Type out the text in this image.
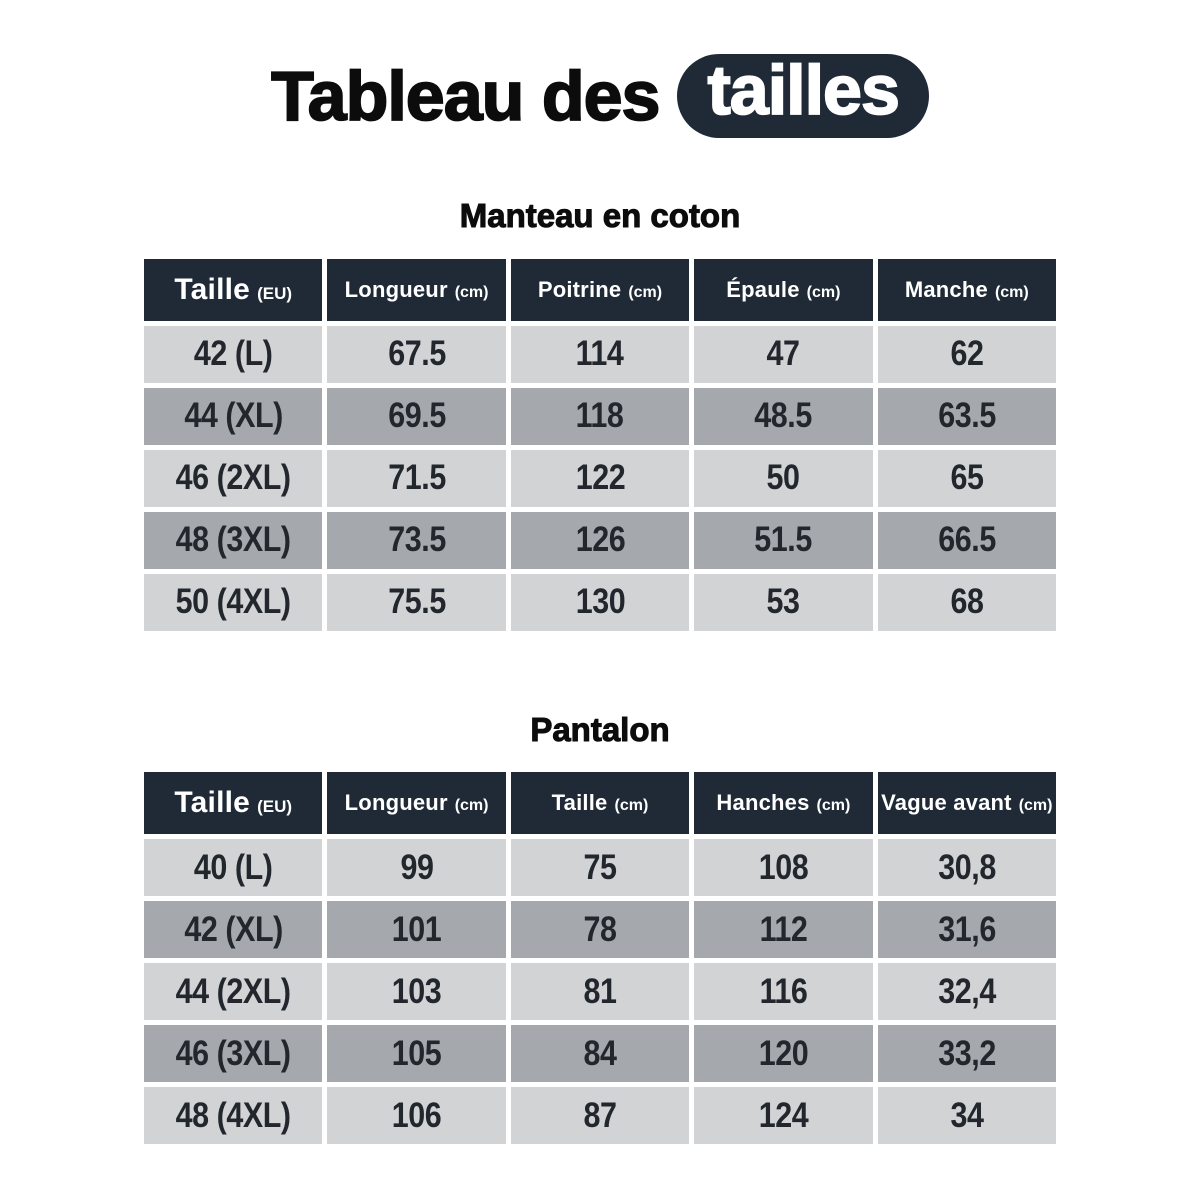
Tableau des tailles
Manteau en coton
Taille (EU)	Longueur (cm)	Poitrine (cm)	Épaule (cm)	Manche (cm)
42 (L)	67.5	114	47	62
44 (XL)	69.5	118	48.5	63.5
46 (2XL)	71.5	122	50	65
48 (3XL)	73.5	126	51.5	66.5
50 (4XL)	75.5	130	53	68
Pantalon
Taille (EU)	Longueur (cm)	Taille (cm)	Hanches (cm)	Vague avant (cm)
40 (L)	99	75	108	30,8
42 (XL)	101	78	112	31,6
44 (2XL)	103	81	116	32,4
46 (3XL)	105	84	120	33,2
48 (4XL)	106	87	124	34
